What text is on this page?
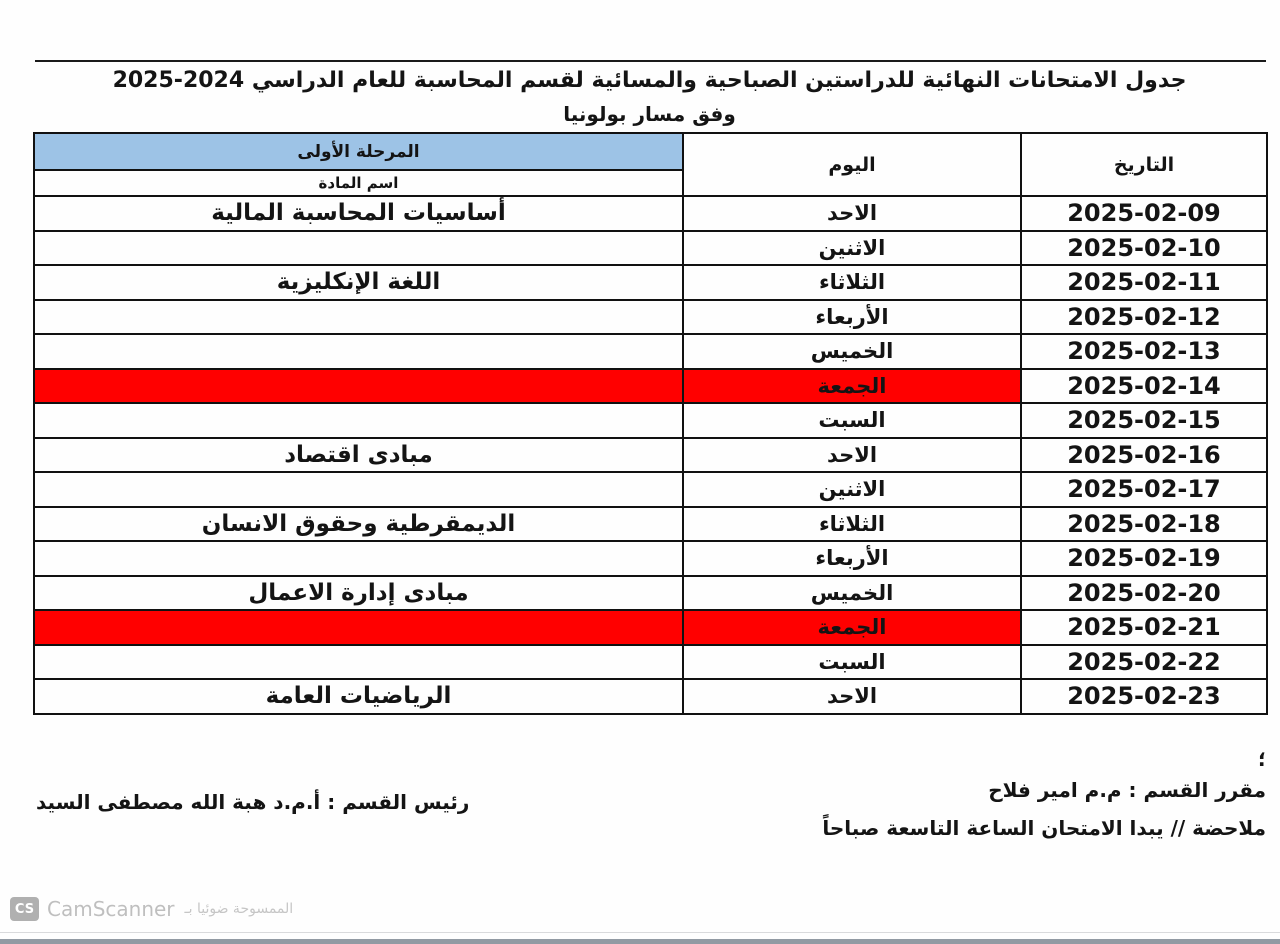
جدول الامتحانات النهائية للدراستين الصباحية والمسائية لقسم المحاسبة للعام الدراسي 2024‏-‏2025
وفق مسار بولونيا
التاريخ	اليوم	المرحلة الأولى
		اسم المادة
2025-02-09	الاحد	أساسيات المحاسبة المالية
2025-02-10	الاثنين	
2025-02-11	الثلاثاء	اللغة الإنكليزية
2025-02-12	الأربعاء	
2025-02-13	الخميس	
2025-02-14	الجمعة	
2025-02-15	السبت	
2025-02-16	الاحد	مبادى اقتصاد
2025-02-17	الاثنين	
2025-02-18	الثلاثاء	الديمقرطية وحقوق الانسان
2025-02-19	الأربعاء	
2025-02-20	الخميس	مبادى إدارة الاعمال
2025-02-21	الجمعة	
2025-02-22	السبت	
2025-02-23	الاحد	الرياضيات العامة
؛
مقرر القسم : م.م امير فلاح
ملاحضة // يبدا الامتحان الساعة التاسعة صباحاً
رئيس القسم : أ.م.د هبة الله مصطفى السيد
CS CamScanner الممسوحة ضوئيا بـ
